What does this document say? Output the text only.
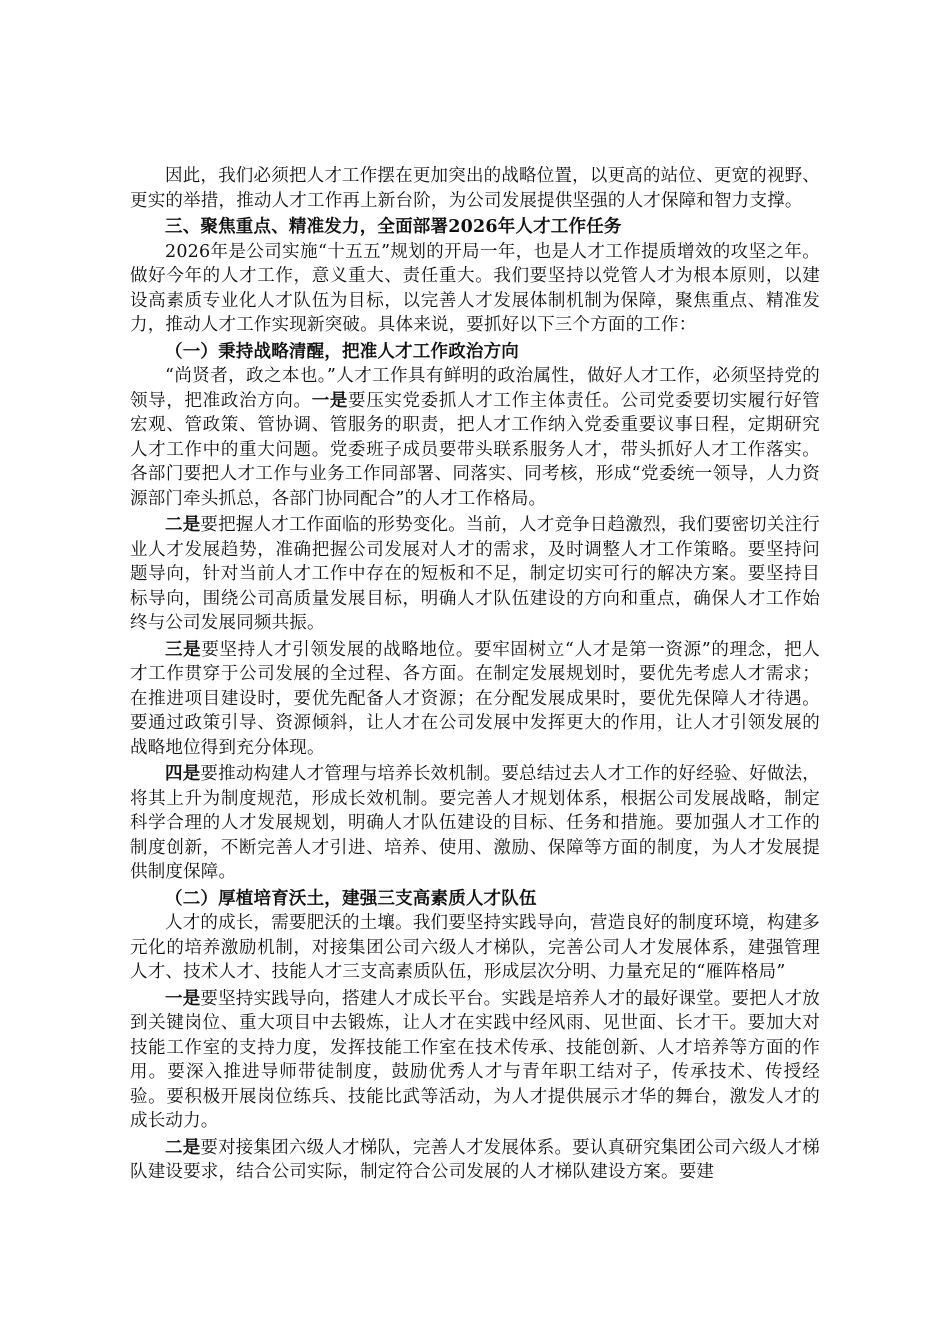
因此，我们必须把人才工作摆在更加突出的战略位置，以更高的站位、更宽的视野、更实的举措，推动人才工作再上新台阶，为公司发展提供坚强的人才保障和智力支撑。

三、聚焦重点、精准发力，全面部署2026年人才工作任务

2026年是公司实施“十五五”规划的开局一年，也是人才工作提质增效的攻坚之年。做好今年的人才工作，意义重大、责任重大。我们要坚持以党管人才为根本原则，以建设高素质专业化人才队伍为目标，以完善人才发展体制机制为保障，聚焦重点、精准发力，推动人才工作实现新突破。具体来说，要抓好以下三个方面的工作：

（一）秉持战略清醒，把准人才工作政治方向

“尚贤者，政之本也。”人才工作具有鲜明的政治属性，做好人才工作，必须坚持党的领导，把准政治方向。一是要压实党委抓人才工作主体责任。公司党委要切实履行好管宏观、管政策、管协调、管服务的职责，把人才工作纳入党委重要议事日程，定期研究人才工作中的重大问题。党委班子成员要带头联系服务人才，带头抓好人才工作落实。各部门要把人才工作与业务工作同部署、同落实、同考核，形成“党委统一领导，人力资源部门牵头抓总，各部门协同配合”的人才工作格局。

二是要把握人才工作面临的形势变化。当前，人才竞争日趋激烈，我们要密切关注行业人才发展趋势，准确把握公司发展对人才的需求，及时调整人才工作策略。要坚持问题导向，针对当前人才工作中存在的短板和不足，制定切实可行的解决方案。要坚持目标导向，围绕公司高质量发展目标，明确人才队伍建设的方向和重点，确保人才工作始终与公司发展同频共振。

三是要坚持人才引领发展的战略地位。要牢固树立“人才是第一资源”的理念，把人才工作贯穿于公司发展的全过程、各方面。在制定发展规划时，要优先考虑人才需求；在推进项目建设时，要优先配备人才资源；在分配发展成果时，要优先保障人才待遇。要通过政策引导、资源倾斜，让人才在公司发展中发挥更大的作用，让人才引领发展的战略地位得到充分体现。

四是要推动构建人才管理与培养长效机制。要总结过去人才工作的好经验、好做法，将其上升为制度规范，形成长效机制。要完善人才规划体系，根据公司发展战略，制定科学合理的人才发展规划，明确人才队伍建设的目标、任务和措施。要加强人才工作的制度创新，不断完善人才引进、培养、使用、激励、保障等方面的制度，为人才发展提供制度保障。

（二）厚植培育沃土，建强三支高素质人才队伍

人才的成长，需要肥沃的土壤。我们要坚持实践导向，营造良好的制度环境，构建多元化的培养激励机制，对接集团公司六级人才梯队，完善公司人才发展体系，建强管理人才、技术人才、技能人才三支高素质队伍，形成层次分明、力量充足的“雁阵格局”

一是要坚持实践导向，搭建人才成长平台。实践是培养人才的最好课堂。要把人才放到关键岗位、重大项目中去锻炼，让人才在实践中经风雨、见世面、长才干。要加大对技能工作室的支持力度，发挥技能工作室在技术传承、技能创新、人才培养等方面的作用。要深入推进导师带徒制度，鼓励优秀人才与青年职工结对子，传承技术、传授经验。要积极开展岗位练兵、技能比武等活动，为人才提供展示才华的舞台，激发人才的成长动力。

二是要对接集团六级人才梯队，完善人才发展体系。要认真研究集团公司六级人才梯队建设要求，结合公司实际，制定符合公司发展的人才梯队建设方案。要建
